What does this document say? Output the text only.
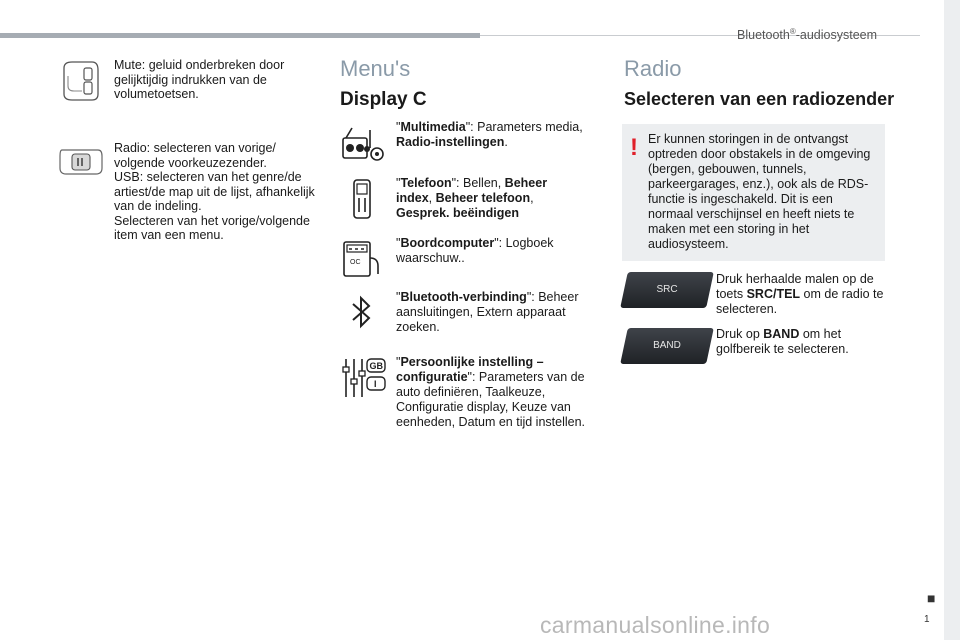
Bluetooth®-audiosysteem
Mute: geluid onderbreken door gelijktijdig indrukken van de volumetoetsen.
Radio: selecteren van vorige/ volgende voorkeuzezender.
USB: selecteren van het genre/de artiest/de map uit de lijst, afhankelijk van de indeling.
Selecteren van het vorige/volgende item van een menu.
Menu's
Display C
"Multimedia": Parameters media, Radio-instellingen.
"Telefoon": Bellen, Beheer index, Beheer telefoon, Gesprek. beëindigen
OC
"Boordcomputer": Logboek waarschuw..
"Bluetooth-verbinding": Beheer aansluitingen, Extern apparaat zoeken.
GB
I
"Persoonlijke instelling – configuratie": Parameters van de auto definiëren, Taalkeuze, Configuratie display, Keuze van eenheden, Datum en tijd instellen.
Radio
Selecteren van een radiozender
! Er kunnen storingen in de ontvangst optreden door obstakels in de omgeving (bergen, gebouwen, tunnels, parkeergarages, enz.), ook als de RDS-functie is ingeschakeld. Dit is een normaal verschijnsel en heeft niets te maken met een storing in het audiosysteem.
SRC
Druk herhaalde malen op de toets SRC/TEL om de radio te selecteren.
BAND
Druk op BAND om het golfbereik te selecteren.
■
1
carmanualsonline.info
